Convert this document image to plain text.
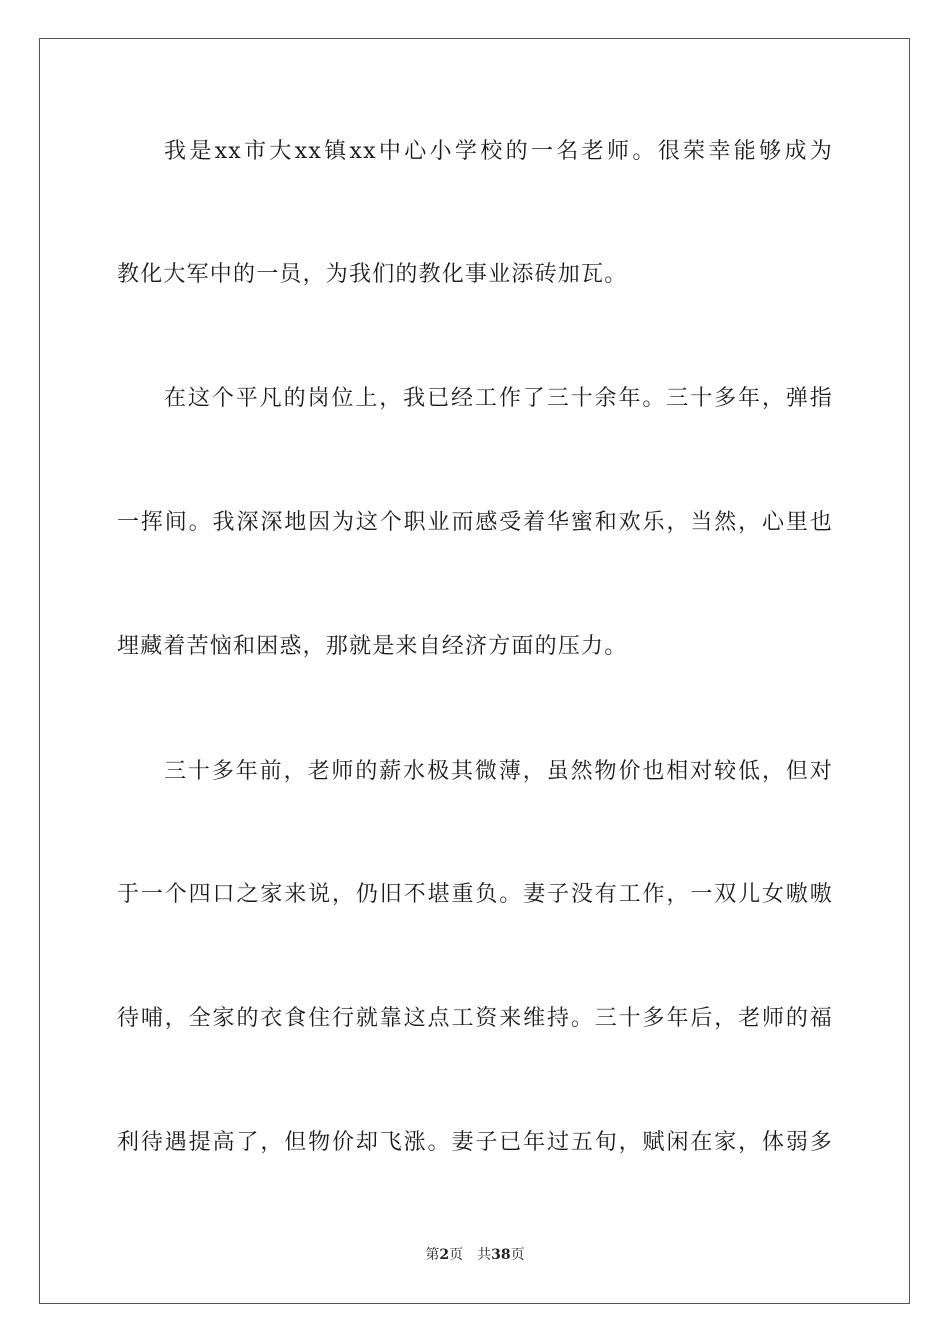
我是xx市大xx镇xx中心小学校的一名老师。很荣幸能够成为
教化大军中的一员，为我们的教化事业添砖加瓦。
在这个平凡的岗位上，我已经工作了三十余年。三十多年，弹指
一挥间。我深深地因为这个职业而感受着华蜜和欢乐，当然，心里也
埋藏着苦恼和困惑，那就是来自经济方面的压力。
三十多年前，老师的薪水极其微薄，虽然物价也相对较低，但对
于一个四口之家来说，仍旧不堪重负。妻子没有工作，一双儿女嗷嗷
待哺，全家的衣食住行就靠这点工资来维持。三十多年后，老师的福
利待遇提高了，但物价却飞涨。妻子已年过五旬，赋闲在家，体弱多
第2页 共38页
